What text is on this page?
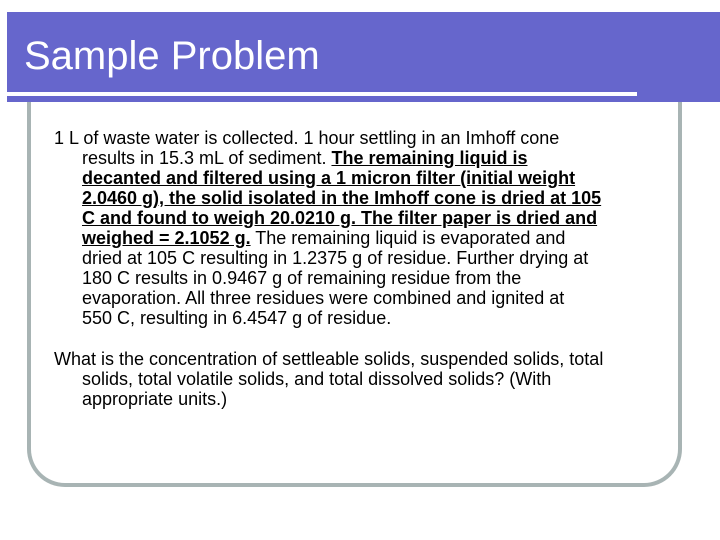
Sample Problem
1 L of waste water is collected. 1 hour settling in an Imhoff cone
results in 15.3 mL of sediment. The remaining liquid is
decanted and filtered using a 1 micron filter (initial weight
2.0460 g), the solid isolated in the Imhoff cone is dried at 105
C and found to weigh 20.0210 g. The filter paper is dried and
weighed = 2.1052 g. The remaining liquid is evaporated and
dried at 105 C resulting in 1.2375 g of residue. Further drying at
180 C results in 0.9467 g of remaining residue from the
evaporation. All three residues were combined and ignited at
550 C, resulting in 6.4547 g of residue.
What is the concentration of settleable solids, suspended solids, total
solids, total volatile solids, and total dissolved solids? (With
appropriate units.)
